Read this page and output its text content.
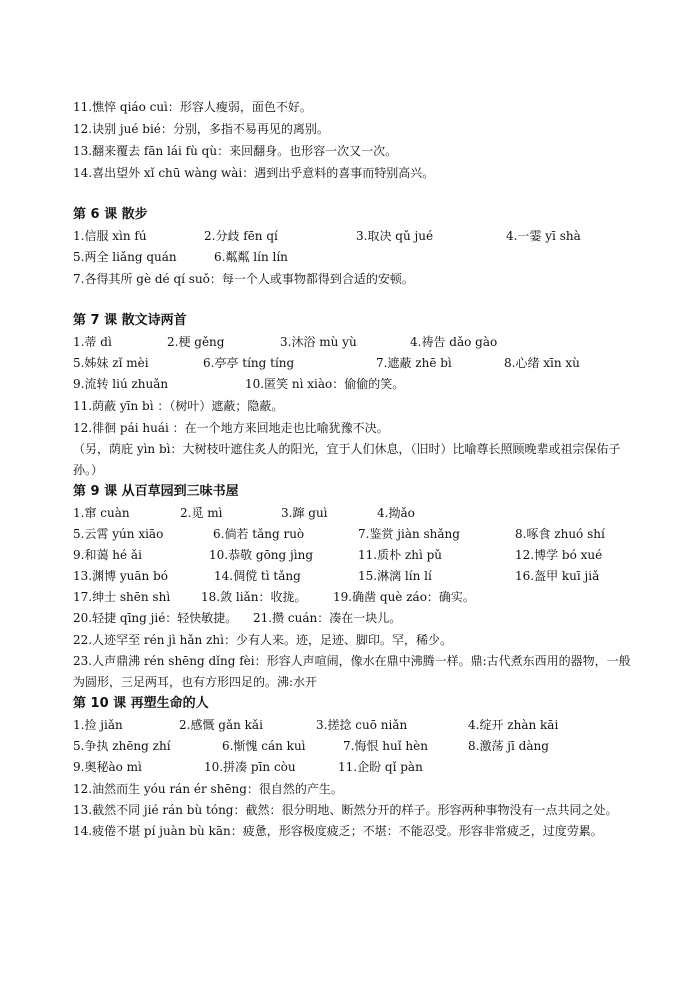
11.憔悴 qiáo cuì：形容人瘦弱，面色不好。
12.诀别 jué bié：分别，多指不易再见的离别。
13.翻来覆去 fān lái fù qù：来回翻身。也形容一次又一次。
14.喜出望外 xǐ chū wàng wài：遇到出乎意料的喜事而特别高兴。
第 6 课 散步
1.信服 xìn fú	2.分歧 fēn qí	3.取决 qǔ jué	4.一霎 yī shà
5.两全 liǎng quán	6.粼粼 lín lín
7.各得其所 gè dé qí suǒ：每一个人或事物都得到合适的安顿。
第 7 课 散文诗两首
1.蒂 dì	2.梗 gěng	3.沐浴 mù yù	4.祷告 dǎo gào
5.姊妹 zǐ mèi	6.亭亭 tíng tíng	7.遮蔽 zhē bì	8.心绪 xīn xù
9.流转 liú zhuǎn	10.匿笑 nì xiào：偷偷的笑。
11.荫蔽 yīn bì ：（树叶）遮蔽；隐蔽。
12.徘徊 pái huái ：在一个地方来回地走也比喻犹豫不决。
（另，荫庇 yìn bì：大树枝叶遮住炙人的阳光，宜于人们休息，（旧时）比喻尊长照顾晚辈或祖宗保佑子孙。）
第 9 课 从百草园到三味书屋
1.窜 cuàn	2.觅 mì	3.蹿 guì	4.拗ǎo
5.云霄 yún xiāo	6.倘若 tǎng ruò	7.鉴赏 jiàn shǎng	8.啄食 zhuó shí
9.和蔼 hé ǎi	10.恭敬 gōng jìng	11.质朴 zhì pǔ	12.博学 bó xué
13.渊博 yuān bó	14.倜傥 tì tǎng	15.淋漓 lín lí	16.盔甲 kuī jiǎ
17.绅士 shēn shì	18.敛 liǎn：收拢。	19.确凿 què záo：确实。
20.轻捷 qīng jié：轻快敏捷。	21.攒 cuán：凑在一块儿。
22.人迹罕至 rén jì hǎn zhì：少有人来。迹，足迹、脚印。罕，稀少。
23.人声鼎沸 rén shēng dǐng fèi：形容人声喧闹，像水在鼎中沸腾一样。鼎:古代煮东西用的器物，一般为圆形，三足两耳，也有方形四足的。沸:水开
第 10 课 再塑生命的人
1.捡 jiǎn	2.感慨 gǎn kǎi	3.搓捻 cuō niǎn	4.绽开 zhàn kāi
5.争执 zhēng zhí	6.惭愧 cán kuì	7.悔恨 huǐ hèn	8.激荡 jī dàng
9.奥秘ào mì	10.拼凑 pīn còu	11.企盼 qǐ pàn
12.油然而生 yóu rán ér shēng：很自然的产生。
13.截然不同 jié rán bù tóng：截然：很分明地、断然分开的样子。形容两种事物没有一点共同之处。
14.疲倦不堪 pí juàn bù kān：疲惫，形容极度疲乏；不堪：不能忍受。形容非常疲乏，过度劳累。
